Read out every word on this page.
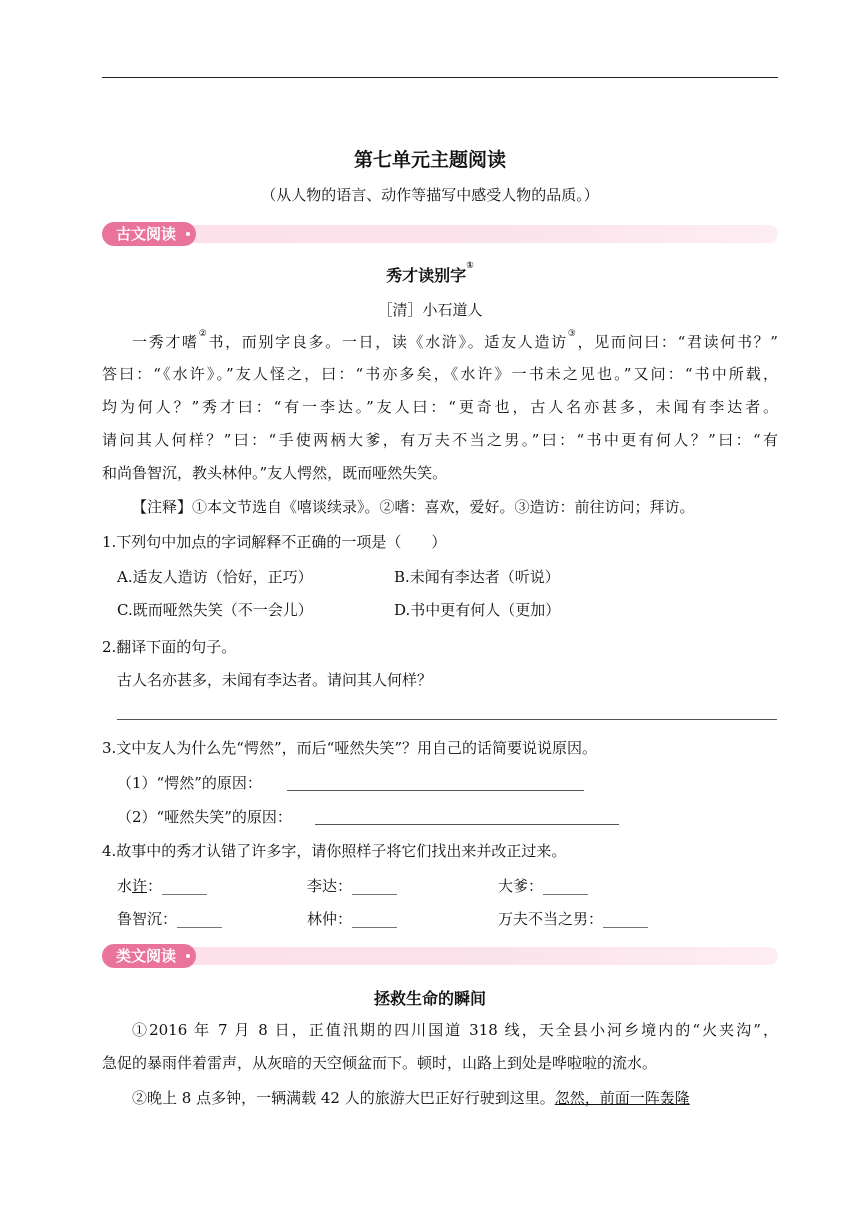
第七单元主题阅读
（从人物的语言、动作等描写中感受人物的品质。）
古文阅读
秀才读别字①
［清］小石道人
一秀才嗜②书，而别字良多。一日，读《水浒》。适友人造访③，见而问曰：“君读何书？”
答曰：“《水许》。”友人怪之，曰：“书亦多矣，《水许》一书未之见也。”又问：“书中所载，
均为何人？”秀才曰：“有一李达。”友人曰：“更奇也，古人名亦甚多，未闻有李达者。
请问其人何样？”曰：“手使两柄大爹，有万夫不当之男。”曰：“书中更有何人？”曰：“有
和尚鲁智沉，教头林仲。”友人愕然，既而哑然失笑。
【注释】①本文节选自《嘻谈续录》。②嗜：喜欢，爱好。③造访：前往访问；拜访。
1.下列句中加点的字词解释不正确的一项是（　　）
A.适友人造访（恰好，正巧）	B.未闻有李达者（听说）
C.既而哑然失笑（不一会儿）	D.书中更有何人（更加）
2.翻译下面的句子。
古人名亦甚多，未闻有李达者。请问其人何样？
3.文中友人为什么先“愕然”，而后“哑然失笑”？用自己的话简要说说原因。
（1）“愕然”的原因：
（2）“哑然失笑”的原因：
4.故事中的秀才认错了许多字，请你照样子将它们找出来并改正过来。
水许：______	李达：______	大爹：______
鲁智沉：______	林仲：______	万夫不当之男：______
类文阅读
拯救生命的瞬间
①2016 年 7 月 8 日，正值汛期的四川国道 318 线，天全县小河乡境内的“火夹沟”，
急促的暴雨伴着雷声，从灰暗的天空倾盆而下。顿时，山路上到处是哗啦啦的流水。
②晚上 8 点多钟，一辆满载 42 人的旅游大巴正好行驶到这里。忽然，前面一阵轰隆
